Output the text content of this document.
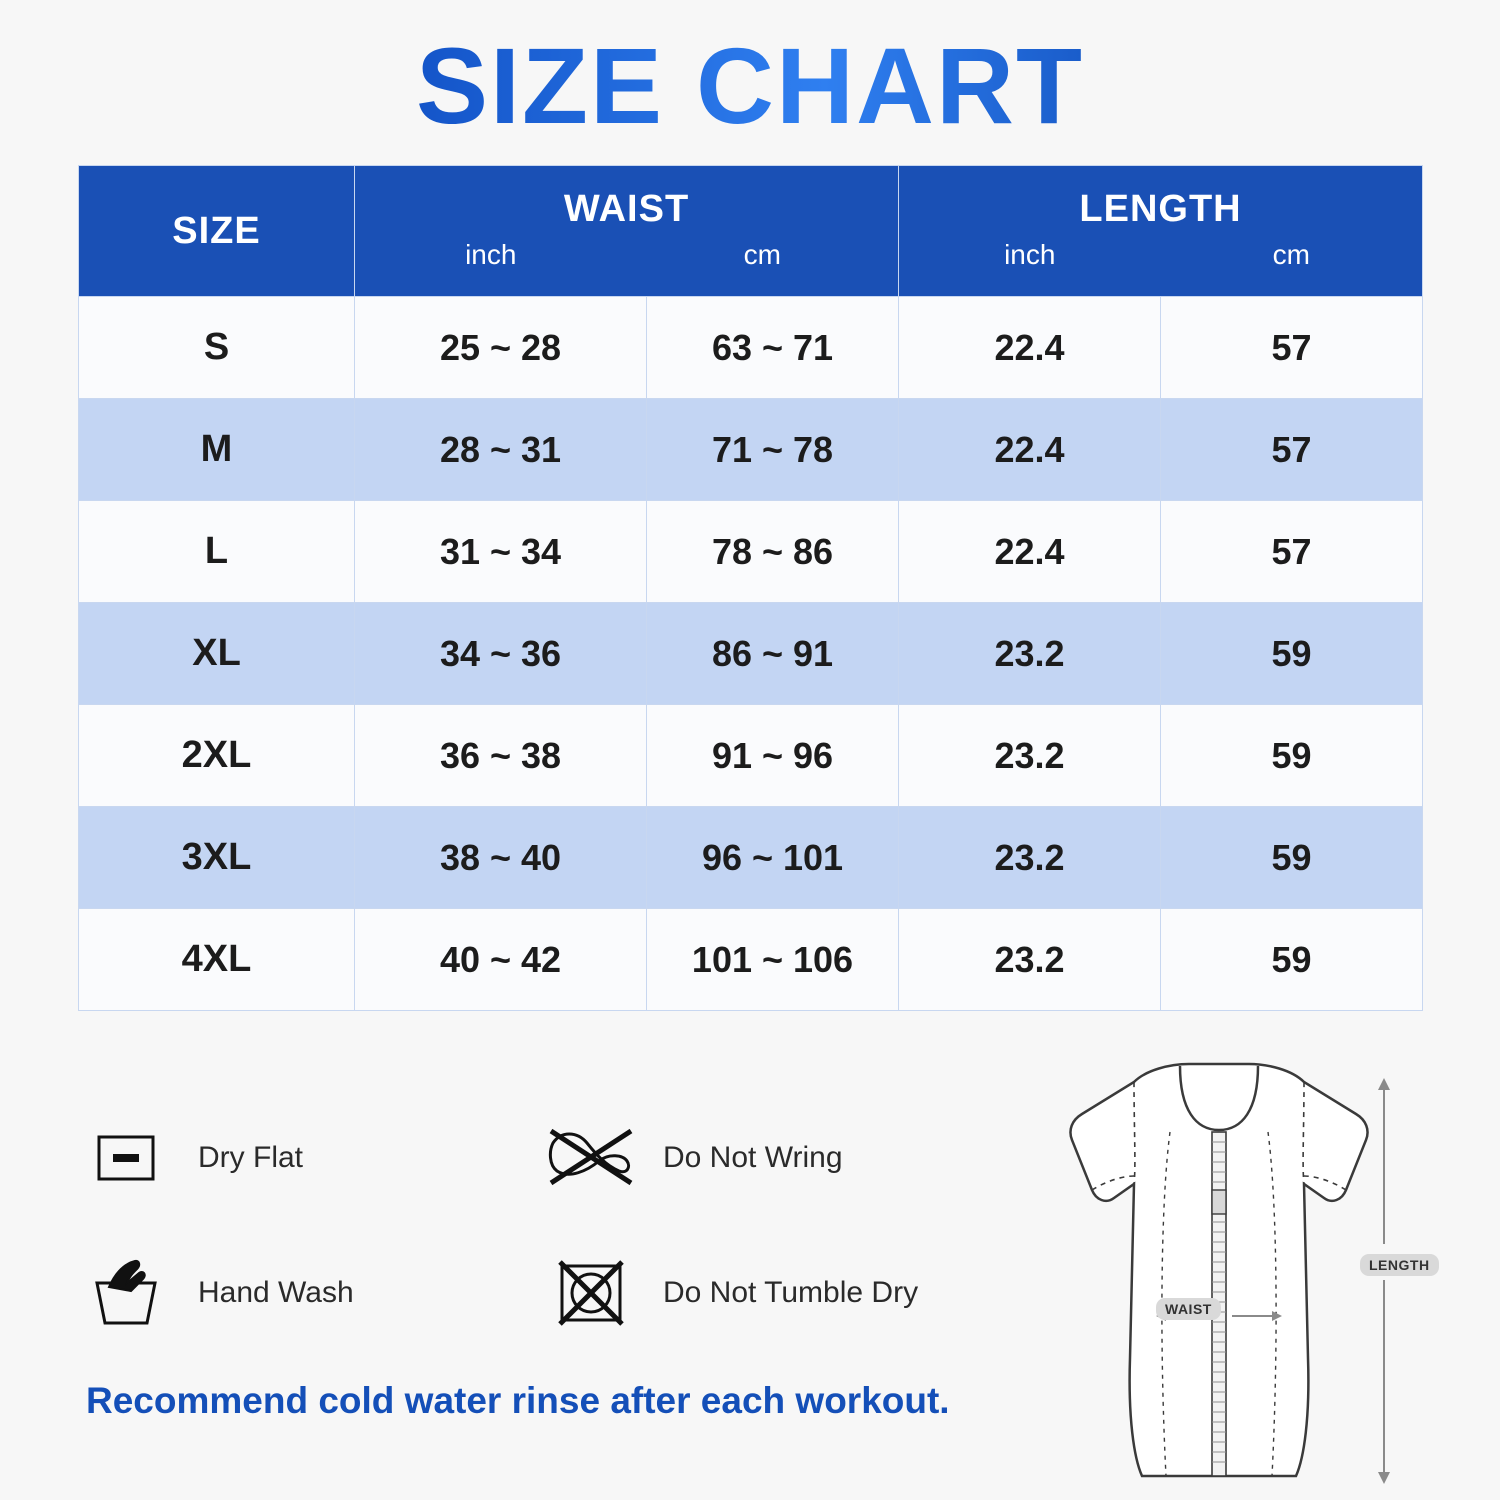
SIZE CHART
SIZE	
WAIST
inch	cm

LENGTH
inch	cm

S	25 ~ 28	63 ~ 71	22.4	57
M	28 ~ 31	71 ~ 78	22.4	57
L	31 ~ 34	78 ~ 86	22.4	57
XL	34 ~ 36	86 ~ 91	23.2	59
2XL	36 ~ 38	91 ~ 96	23.2	59
3XL	38 ~ 40	96 ~ 101	23.2	59
4XL	40 ~ 42	101 ~ 106	23.2	59
Dry Flat	Do Not Wring
Hand Wash	Do Not Tumble Dry
Recommend cold water rinse after each workout.
WAIST
LENGTH
